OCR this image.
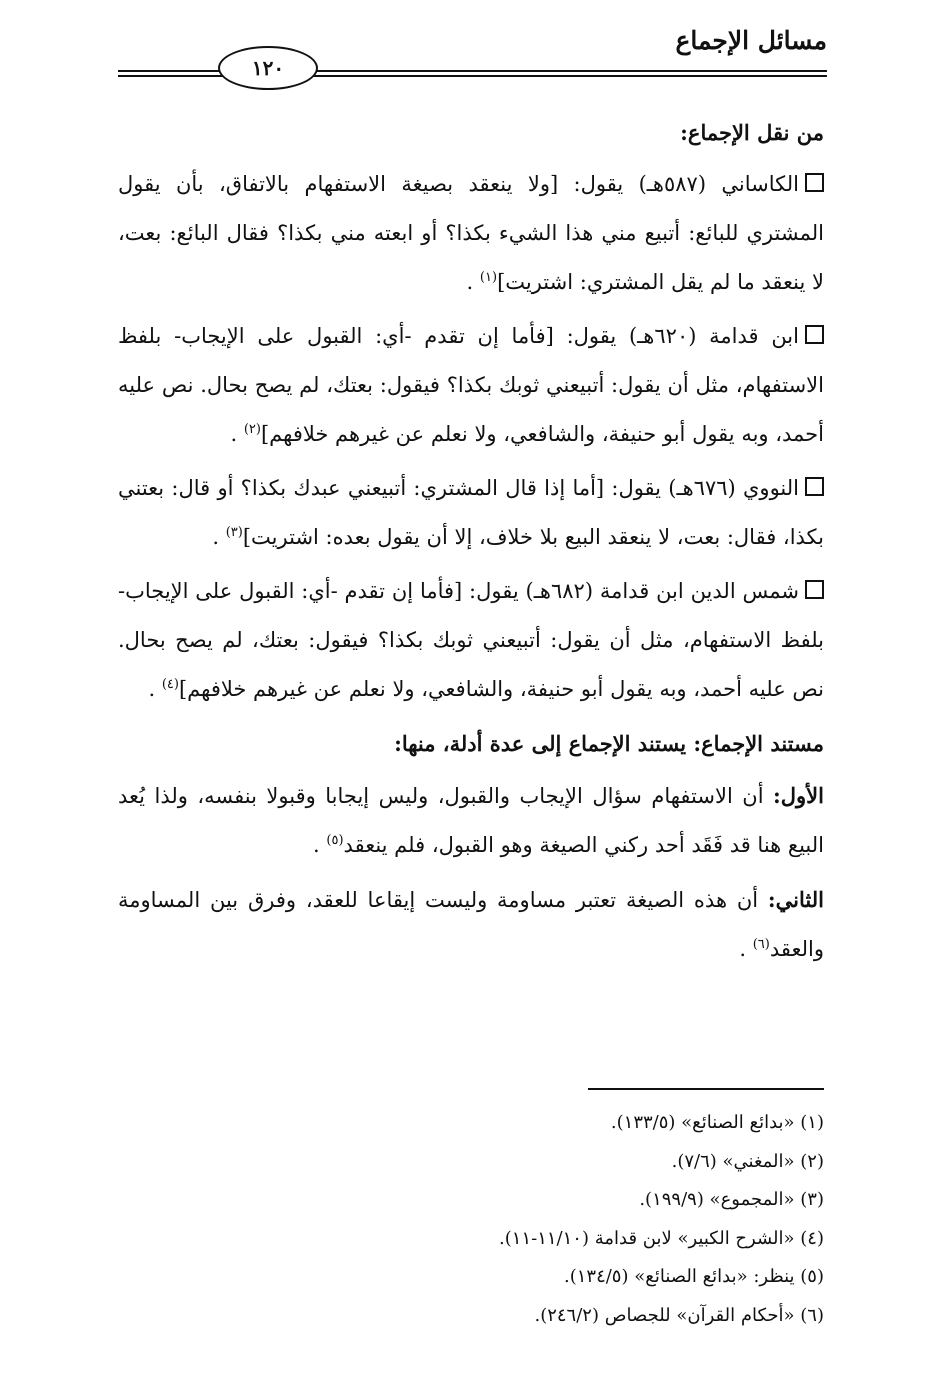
مسائل الإجماع
١٢٠

من نقل الإجماع:

الكاساني (٥٨٧هـ) يقول: [ولا ينعقد بصيغة الاستفهام بالاتفاق، بأن يقول المشتري للبائع: أتبيع مني هذا الشيء بكذا؟ أو ابعته مني بكذا؟ فقال البائع: بعت، لا ينعقد ما لم يقل المشتري: اشتريت]$^{(١)}$ .

ابن قدامة (٦٢٠هـ) يقول: [فأما إن تقدم -أي: القبول على الإيجاب- بلفظ الاستفهام، مثل أن يقول: أتبيعني ثوبك بكذا؟ فيقول: بعتك، لم يصح بحال. نص عليه أحمد، وبه يقول أبو حنيفة، والشافعي، ولا نعلم عن غيرهم خلافهم]$^{(٢)}$ .

النووي (٦٧٦هـ) يقول: [أما إذا قال المشتري: أتبيعني عبدك بكذا؟ أو قال: بعتني بكذا، فقال: بعت، لا ينعقد البيع بلا خلاف، إلا أن يقول بعده: اشتريت]$^{(٣)}$ .

شمس الدين ابن قدامة (٦٨٢هـ) يقول: [فأما إن تقدم -أي: القبول على الإيجاب- بلفظ الاستفهام، مثل أن يقول: أتبيعني ثوبك بكذا؟ فيقول: بعتك، لم يصح بحال. نص عليه أحمد، وبه يقول أبو حنيفة، والشافعي، ولا نعلم عن غيرهم خلافهم]$^{(٤)}$ .

مستند الإجماع: يستند الإجماع إلى عدة أدلة، منها:

الأول: أن الاستفهام سؤال الإيجاب والقبول، وليس إيجابا وقبولا بنفسه، ولذا يُعد البيع هنا قد فَقَد أحد ركني الصيغة وهو القبول، فلم ينعقد$^{(٥)}$ .

الثاني: أن هذه الصيغة تعتبر مساومة وليست إيقاعا للعقد، وفرق بين المساومة والعقد$^{(٦)}$ .

(١) «بدائع الصنائع» (١٣٣/٥).
(٢) «المغني» (٧/٦).
(٣) «المجموع» (١٩٩/٩).
(٤) «الشرح الكبير» لابن قدامة (١١/١٠-١١).
(٥) ينظر: «بدائع الصنائع» (١٣٤/٥).
(٦) «أحكام القرآن» للجصاص (٢٤٦/٢).
